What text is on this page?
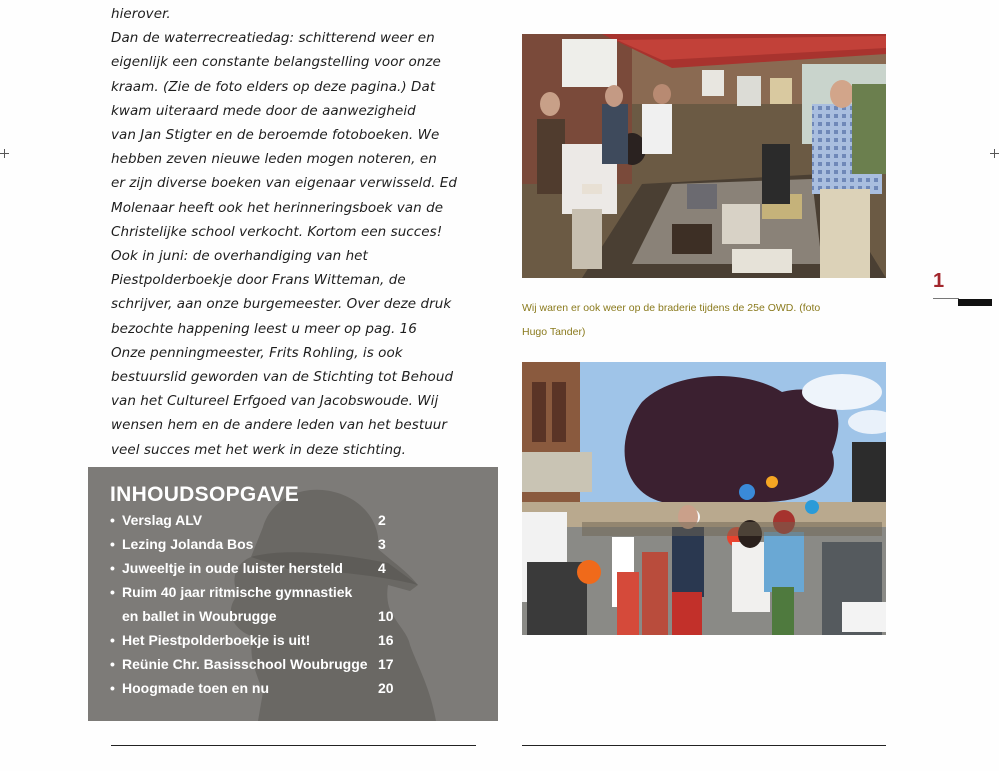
hierover.
Dan de waterrecreatiedag: schitterend weer en
eigenlijk een constante belangstelling voor onze
kraam. (Zie de foto elders op deze pagina.) Dat
kwam uiteraard mede door de aanwezigheid
van Jan Stigter en de beroemde fotoboeken. We
hebben zeven nieuwe leden mogen noteren, en
er zijn diverse boeken van eigenaar verwisseld. Ed
Molenaar heeft ook het herinneringsboek van de
Christelijke school verkocht. Kortom een succes!
Ook in juni: de overhandiging van het
Piestpolderboekje door Frans Witteman, de
schrijver, aan onze burgemeester. Over deze druk
bezochte happening leest u meer op pag. 16
Onze penningmeester, Frits Rohling, is ook
bestuurslid geworden van de Stichting tot Behoud
van het Cultureel Erfgoed van Jacobswoude. Wij
wensen hem en de andere leden van het bestuur
veel succes met het werk in deze stichting.
INHOUDSOPGAVE
• Verslag ALV	2
• Lezing Jolanda Bos	3
• Juweeltje in oude luister hersteld	4
• Ruim 40 jaar ritmische gymnastiek
en ballet in Woubrugge	10
• Het Piestpolderboekje is uit!	16
• Reünie Chr. Basisschool Woubrugge 17
• Hoogmade toen en nu	20
Wij waren er ook weer op de braderie tijdens de 25e OWD. (foto
Hugo Tander)
1
